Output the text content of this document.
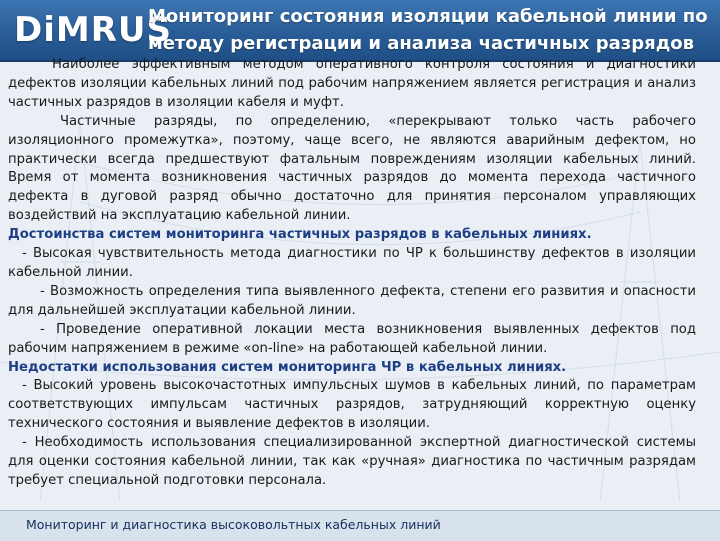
DiMRUS
Мониторинг состояния изоляции кабельной линии по
методу регистрации и анализа частичных разрядов

Наиболее эффективным методом оперативного контроля состояния и диагностики дефектов изоляции кабельных линий под рабочим напряжением является регистрация и анализ частичных разрядов в изоляции кабеля и муфт.

Частичные разряды, по определению, «перекрывают только часть рабочего изоляционного промежутка», поэтому, чаще всего, не являются аварийным дефектом, но практически всегда предшествуют фатальным повреждениям изоляции кабельных линий. Время от момента возникновения частичных разрядов до момента перехода частичного дефекта в дуговой разряд обычно достаточно для принятия персоналом управляющих воздействий на эксплуатацию кабельной линии.

Достоинства систем мониторинга частичных разрядов в кабельных линиях.

- Высокая чувствительность метода диагностики по ЧР к большинству дефектов в изоляции кабельной линии.

- Возможность определения типа выявленного дефекта, степени его развития и опасности для дальнейшей эксплуатации кабельной линии.

- Проведение оперативной локации места возникновения выявленных дефектов под рабочим напряжением в режиме «on-line» на работающей кабельной линии.

Недостатки использования систем мониторинга ЧР в кабельных линиях.

- Высокий уровень высокочастотных импульсных шумов в кабельных линий, по параметрам соответствующих импульсам частичных разрядов, затрудняющий корректную оценку технического состояния и выявление дефектов в изоляции.

- Необходимость использования специализированной экспертной диагностической системы для оценки состояния кабельной линии, так как «ручная» диагностика по частичным разрядам требует специальной подготовки персонала.

Мониторинг и диагностика высоковольтных кабельных линий
